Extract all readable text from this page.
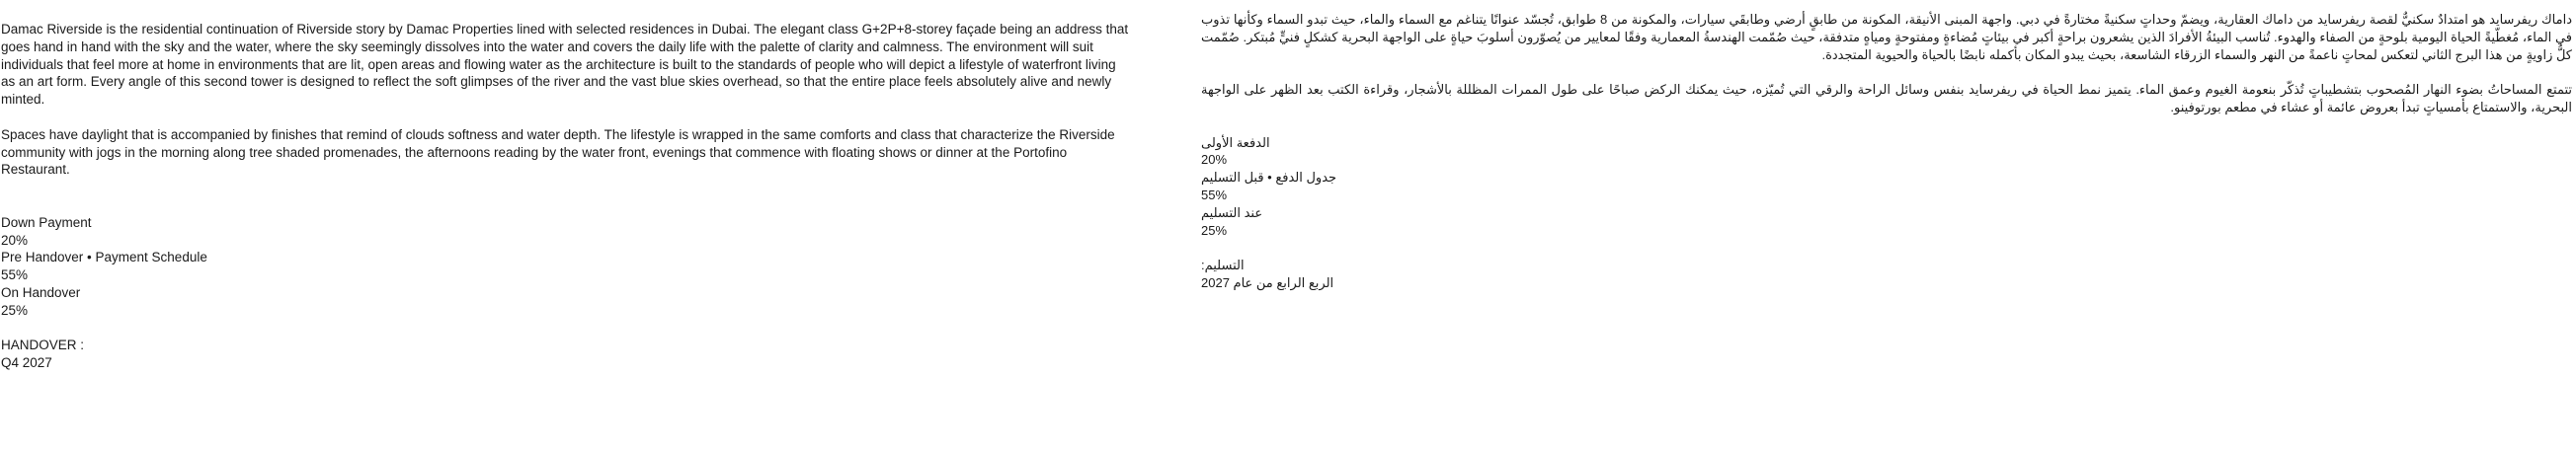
Damac Riverside is the residential continuation of Riverside story by Damac Properties lined with selected residences in Dubai. The elegant class G+2P+8-storey façade being an address that goes hand in hand with the sky and the water, where the sky seemingly dissolves into the water and covers the daily life with the palette of clarity and calmness. The environment will suit individuals that feel more at home in environments that are lit, open areas and flowing water as the architecture is built to the standards of people who will depict a lifestyle of waterfront living as an art form. Every angle of this second tower is designed to reflect the soft glimpses of the river and the vast blue skies overhead, so that the entire place feels absolutely alive and newly minted.

Spaces have daylight that is accompanied by finishes that remind of clouds softness and water depth. The lifestyle is wrapped in the same comforts and class that characterize the Riverside community with jogs in the morning along tree shaded promenades, the afternoons reading by the water front, evenings that commence with floating shows or dinner at the Portofino Restaurant.

Down Payment
20%
Pre Handover • Payment Schedule
55%
On Handover
25%
HANDOVER :
Q4 2027

داماك ريفرسايد هو امتدادٌ سكنيٌّ لقصة ريفرسايد من داماك العقارية، ويضمّ وحداتٍ سكنيةً مختارةً في دبي. واجهة المبنى الأنيقة، المكونة من طابقٍ أرضي وطابقَي سيارات، والمكونة من 8 طوابق، تُجسّد عنوانًا يتناغم مع السماء والماء، حيث تبدو السماء وكأنها تذوب في الماء، مُغطّيةً الحياة اليومية بلوحةٍ من الصفاء والهدوء. تُناسب البيئةُ الأفرادَ الذين يشعرون براحةٍ أكبر في بيئاتٍ مُضاءةٍ ومفتوحةٍ ومياهٍ متدفقة، حيث صُمّمت الهندسةُ المعمارية وفقًا لمعايير من يُصوّرون أسلوبَ حياةٍ على الواجهة البحرية كشكلٍ فنيٍّ مُبتكر. صُمّمت كلُّ زاويةٍ من هذا البرج الثاني لتعكس لمحاتٍ ناعمةً من النهر والسماء الزرقاء الشاسعة، بحيث يبدو المكان بأكمله نابضًا بالحياة والحيوية المتجددة.

تتمتع المساحاتُ بضوء النهار المُصحوب بتشطيباتٍ تُذكّر بنعومة الغيوم وعمق الماء. يتميز نمط الحياة في ريفرسايد بنفس وسائل الراحة والرقي التي تُميّزه، حيث يمكنك الركض صباحًا على طول الممرات المظللة بالأشجار، وقراءة الكتب بعد الظهر على الواجهة البحرية، والاستمتاع بأمسياتٍ تبدأ بعروض عائمة أو عشاء في مطعم بورتوفينو.

الدفعة الأولى
20%
جدول الدفع • قبل التسليم
55%
عند التسليم
25%
التسليم:
الربع الرابع من عام 2027
